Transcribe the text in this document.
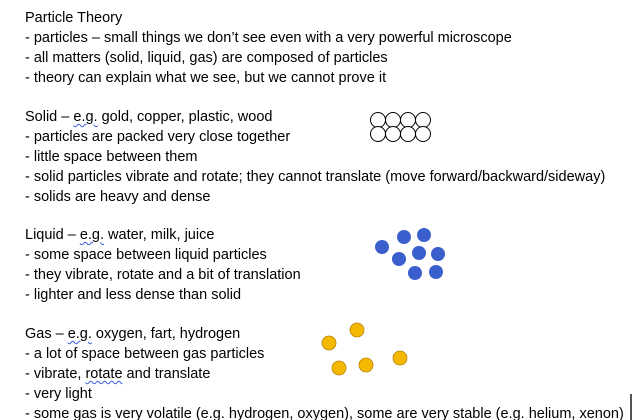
Particle Theory
- particles – small things we don’t see even with a very powerful microscope
- all matters (solid, liquid, gas) are composed of particles
- theory can explain what we see, but we cannot prove it
Solid – e.g. gold, copper, plastic, wood
- particles are packed very close together
- little space between them
- solid particles vibrate and rotate; they cannot translate (move forward/backward/sideway)
- solids are heavy and dense
Liquid – e.g. water, milk, juice
- some space between liquid particles
- they vibrate, rotate and a bit of translation
- lighter and less dense than solid
Gas – e.g. oxygen, fart, hydrogen
- a lot of space between gas particles
- vibrate, rotate and translate
- very light
- some gas is very volatile (e.g. hydrogen, oxygen), some are very stable (e.g. helium, xenon)
